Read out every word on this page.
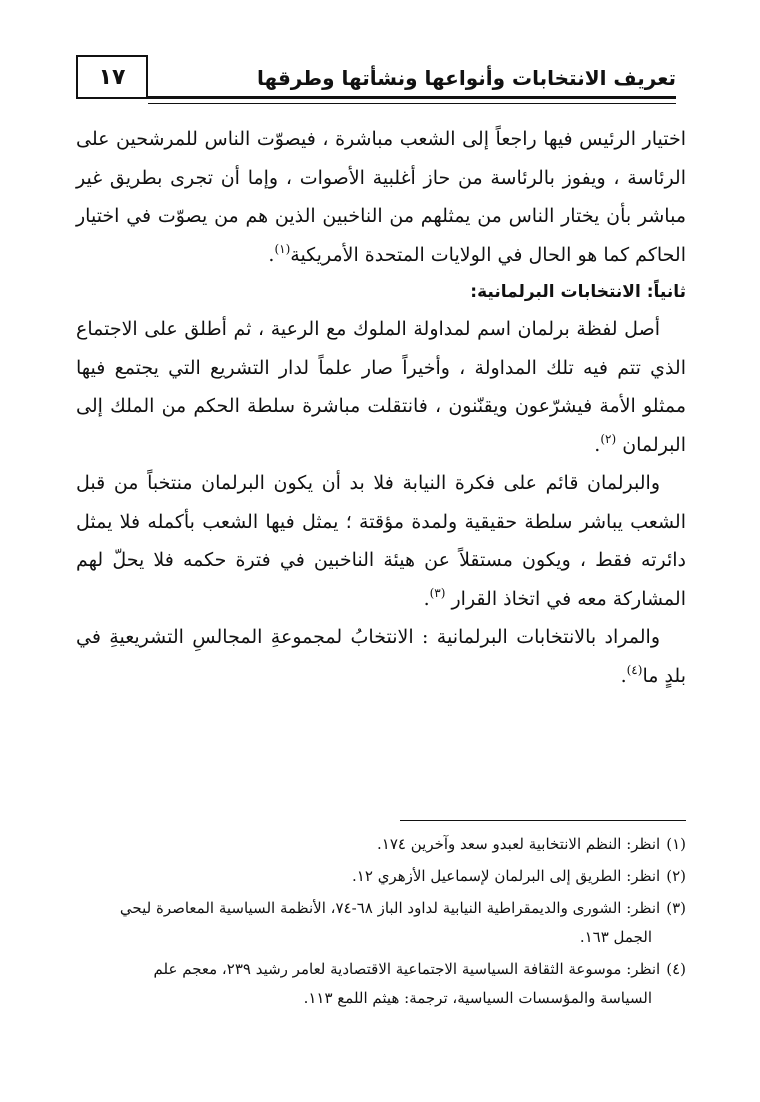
تعريف الانتخابات وأنواعها ونشأتها وطرقها
١٧

اختيار الرئيس فيها راجعاً إلى الشعب مباشرة ، فيصوّت الناس للمرشحين على الرئاسة ، ويفوز بالرئاسة من حاز أغلبية الأصوات ، وإما أن تجرى بطريق غير مباشر بأن يختار الناس من يمثلهم من الناخبين الذين هم من يصوّت في اختيار الحاكم كما هو الحال في الولايات المتحدة الأمريكية$^{(١)}$.

ثانياً: الانتخابات البرلمانية:

أصل لفظة برلمان اسم لمداولة الملوك مع الرعية ، ثم أطلق على الاجتماع الذي تتم فيه تلك المداولة ، وأخيراً صار علماً لدار التشريع التي يجتمع فيها ممثلو الأمة فيشرّعون ويقنّنون ، فانتقلت مباشرة سلطة الحكم من الملك إلى البرلمان $^{(٢)}$.

والبرلمان قائم على فكرة النيابة فلا بد أن يكون البرلمان منتخباً من قبل الشعب يباشر سلطة حقيقية ولمدة مؤقتة ؛ يمثل فيها الشعب بأكمله فلا يمثل دائرته فقط ، ويكون مستقلاً عن هيئة الناخبين في فترة حكمه فلا يحلّ لهم المشاركة معه في اتخاذ القرار $^{(٣)}$.

والمراد بالانتخابات البرلمانية : الانتخابُ لمجموعةِ المجالسِ التشريعيةِ في بلدٍ ما$^{(٤)}$.

(١)انظر: النظم الانتخابية لعبدو سعد وآخرين ١٧٤.

(٢)انظر: الطريق إلى البرلمان لإسماعيل الأزهري ١٢.

(٣)انظر: الشورى والديمقراطية النيابية لداود الباز ٦٨-٧٤، الأنظمة السياسية المعاصرة ليحي
الجمل ١٦٣.

(٤)انظر: موسوعة الثقافة السياسية الاجتماعية الاقتصادية لعامر رشيد ٢٣٩، معجم علم
السياسة والمؤسسات السياسية، ترجمة: هيثم اللمع ١١٣.
